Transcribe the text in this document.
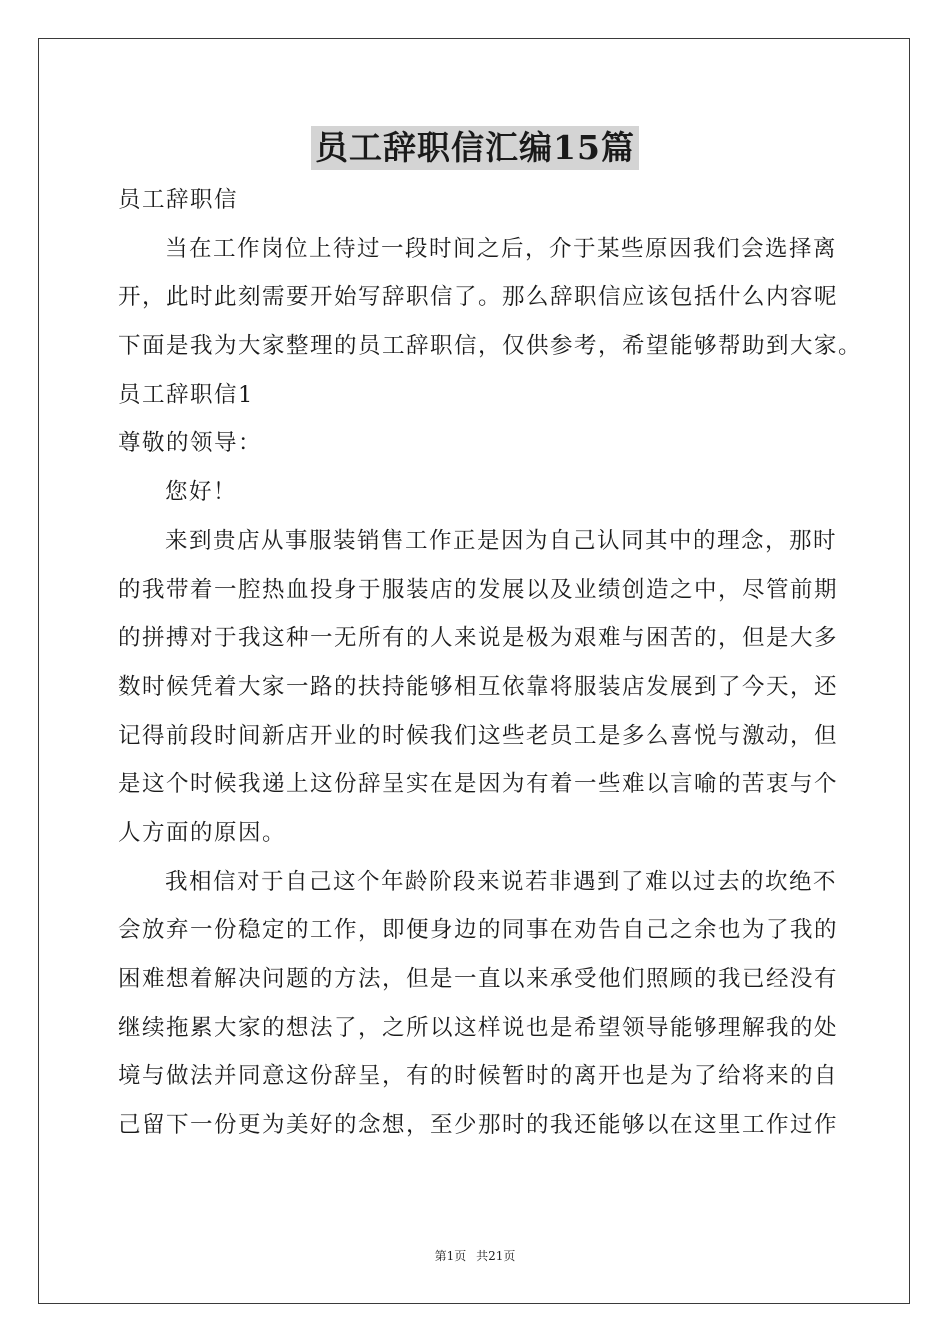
员工辞职信汇编15篇

员工辞职信

当在工作岗位上待过一段时间之后，介于某些原因我们会选择离

开，此时此刻需要开始写辞职信了。那么辞职信应该包括什么内容呢

下面是我为大家整理的员工辞职信，仅供参考，希望能够帮助到大家。

员工辞职信1

尊敬的领导：

您好！

来到贵店从事服装销售工作正是因为自己认同其中的理念，那时

的我带着一腔热血投身于服装店的发展以及业绩创造之中，尽管前期

的拼搏对于我这种一无所有的人来说是极为艰难与困苦的，但是大多

数时候凭着大家一路的扶持能够相互依靠将服装店发展到了今天，还

记得前段时间新店开业的时候我们这些老员工是多么喜悦与激动，但

是这个时候我递上这份辞呈实在是因为有着一些难以言喻的苦衷与个

人方面的原因。

我相信对于自己这个年龄阶段来说若非遇到了难以过去的坎绝不

会放弃一份稳定的工作，即便身边的同事在劝告自己之余也为了我的

困难想着解决问题的方法，但是一直以来承受他们照顾的我已经没有

继续拖累大家的想法了，之所以这样说也是希望领导能够理解我的处

境与做法并同意这份辞呈，有的时候暂时的离开也是为了给将来的自

己留下一份更为美好的念想，至少那时的我还能够以在这里工作过作

第1页 共21页
